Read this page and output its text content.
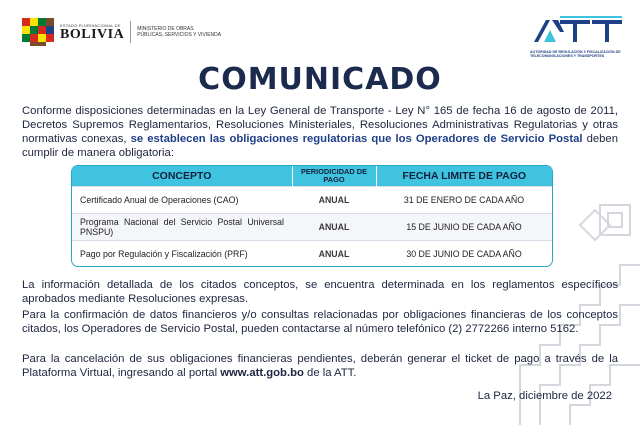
ESTADO PLURINACIONAL DE
BOLIVIA	MINISTERIO DE OBRAS
PÚBLICAS, SERVICIOS Y VIVIENDA
AUTORIDAD DE REGULACIÓN Y FISCALIZACIÓN DE TELECOMUNICACIONES Y TRANSPORTES
COMUNICADO
Conforme disposiciones determinadas en la Ley General de Transporte - Ley N° 165 de fecha 16 de agosto de 2011, Decretos Supremos Reglamentarios, Resoluciones Ministeriales, Resoluciones Administrativas Regulatorias y otras normativas conexas, se establecen las obligaciones regulatorias que los Operadores de Servicio Postal deben cumplir de manera obligatoria:
CONCEPTO	PERIODICIDAD DE PAGO	FECHA LIMITE DE PAGO
Certificado Anual de Operaciones (CAO)	ANUAL	31 DE ENERO DE CADA AÑO
Programa Nacional del Servicio Postal Universal PNSPU)	ANUAL	15 DE JUNIO DE CADA AÑO
Pago por Regulación y Fiscalización (PRF)	ANUAL	30 DE JUNIO DE CADA AÑO
La información detallada de los citados conceptos, se encuentra determinada en los reglamentos específicos aprobados mediante Resoluciones expresas.
Para la confirmación de datos financieros y/o consultas relacionadas por obligaciones financieras de los conceptos citados, los Operadores de Servicio Postal, pueden contactarse al número telefónico (2) 2772266 interno 5162.
Para la cancelación de sus obligaciones financieras pendientes, deberán generar el ticket de pago a través de la Plataforma Virtual, ingresando al portal www.att.gob.bo de la ATT.
La Paz, diciembre de 2022
